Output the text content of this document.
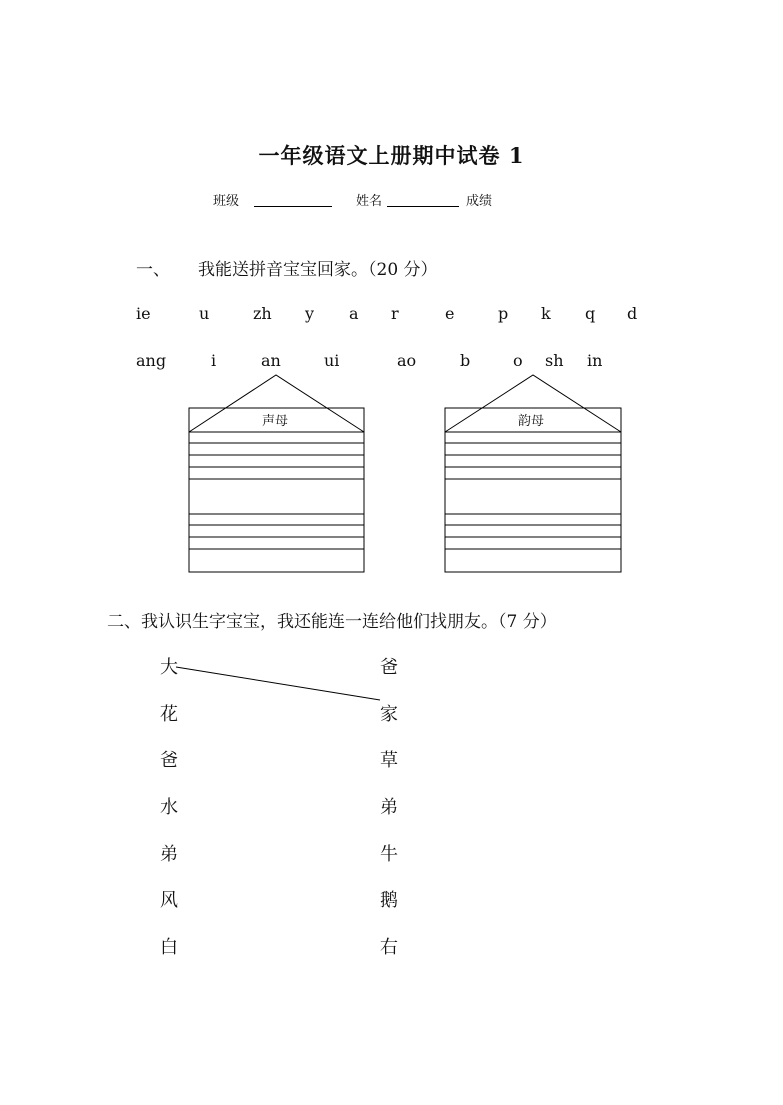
一年级语文上册期中试卷 1
班级	姓名	成绩
一、 我能送拼音宝宝回家。（20 分）
ie	u	zh y a r	e	p k q d
ang	i	an	ui	ao	b	o sh in
声母	韵母
二、我认识生字宝宝，我还能连一连给他们找朋友。（7 分）
大
花
爸
水
弟
风
白
爸
家
草
弟
牛
鹅
右
